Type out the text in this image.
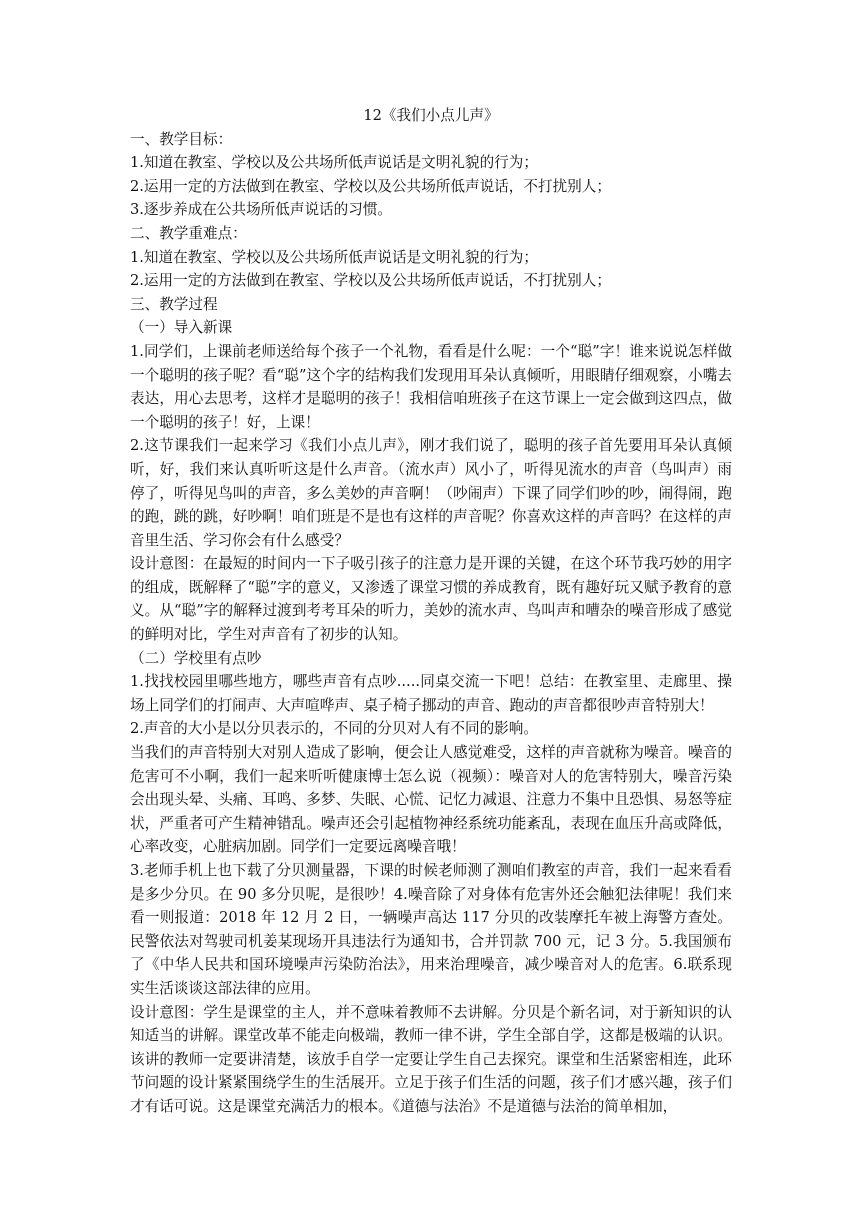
12《我们小点儿声》

一、教学目标：

1.知道在教室、学校以及公共场所低声说话是文明礼貌的行为；

2.运用一定的方法做到在教室、学校以及公共场所低声说话，不打扰别人；

3.逐步养成在公共场所低声说话的习惯。

二、教学重难点：

1.知道在教室、学校以及公共场所低声说话是文明礼貌的行为；

2.运用一定的方法做到在教室、学校以及公共场所低声说话，不打扰别人；

三、教学过程

（一）导入新课

1.同学们，上课前老师送给每个孩子一个礼物，看看是什么呢：一个“聪”字！谁来说说怎样做一个聪明的孩子呢？看“聪”这个字的结构我们发现用耳朵认真倾听，用眼睛仔细观察，小嘴去表达，用心去思考，这样才是聪明的孩子！我相信咱班孩子在这节课上一定会做到这四点，做一个聪明的孩子！好，上课！

2.这节课我们一起来学习《我们小点儿声》，刚才我们说了，聪明的孩子首先要用耳朵认真倾听，好，我们来认真听听这是什么声音。（流水声）风小了，听得见流水的声音（鸟叫声）雨停了，听得见鸟叫的声音，多么美妙的声音啊！（吵闹声）下课了同学们吵的吵，闹得闹，跑的跑，跳的跳，好吵啊！咱们班是不是也有这样的声音呢？你喜欢这样的声音吗？在这样的声音里生活、学习你会有什么感受？

设计意图：在最短的时间内一下子吸引孩子的注意力是开课的关键，在这个环节我巧妙的用字的组成，既解释了“聪”字的意义，又渗透了课堂习惯的养成教育，既有趣好玩又赋予教育的意义。从“聪”字的解释过渡到考考耳朵的听力，美妙的流水声、鸟叫声和嘈杂的噪音形成了感觉的鲜明对比，学生对声音有了初步的认知。

（二）学校里有点吵

1.找找校园里哪些地方，哪些声音有点吵.....同桌交流一下吧！总结：在教室里、走廊里、操场上同学们的打闹声、大声喧哗声、桌子椅子挪动的声音、跑动的声音都很吵声音特别大！

2.声音的大小是以分贝表示的，不同的分贝对人有不同的影响。

当我们的声音特别大对别人造成了影响，便会让人感觉难受，这样的声音就称为噪音。噪音的危害可不小啊，我们一起来听听健康博士怎么说（视频）：噪音对人的危害特别大，噪音污染会出现头晕、头痛、耳鸣、多梦、失眠、心慌、记忆力减退、注意力不集中且恐惧、易怒等症状，严重者可产生精神错乱。噪声还会引起植物神经系统功能紊乱，表现在血压升高或降低，心率改变，心脏病加剧。同学们一定要远离噪音哦！

3.老师手机上也下载了分贝测量器，下课的时候老师测了测咱们教室的声音，我们一起来看看是多少分贝。在 90 多分贝呢，是很吵！4.噪音除了对身体有危害外还会触犯法律呢！我们来看一则报道：2018 年 12 月 2 日，一辆噪声高达 117 分贝的改装摩托车被上海警方查处。民警依法对驾驶司机姜某现场开具违法行为通知书，合并罚款 700 元，记 3 分。5.我国颁布了《中华人民共和国环境噪声污染防治法》，用来治理噪音，减少噪音对人的危害。6.联系现实生活谈谈这部法律的应用。

设计意图：学生是课堂的主人，并不意味着教师不去讲解。分贝是个新名词，对于新知识的认知适当的讲解。课堂改革不能走向极端，教师一律不讲，学生全部自学，这都是极端的认识。该讲的教师一定要讲清楚，该放手自学一定要让学生自己去探究。课堂和生活紧密相连，此环节问题的设计紧紧围绕学生的生活展开。立足于孩子们生活的问题，孩子们才感兴趣，孩子们才有话可说。这是课堂充满活力的根本。《道德与法治》不是道德与法治的简单相加，
